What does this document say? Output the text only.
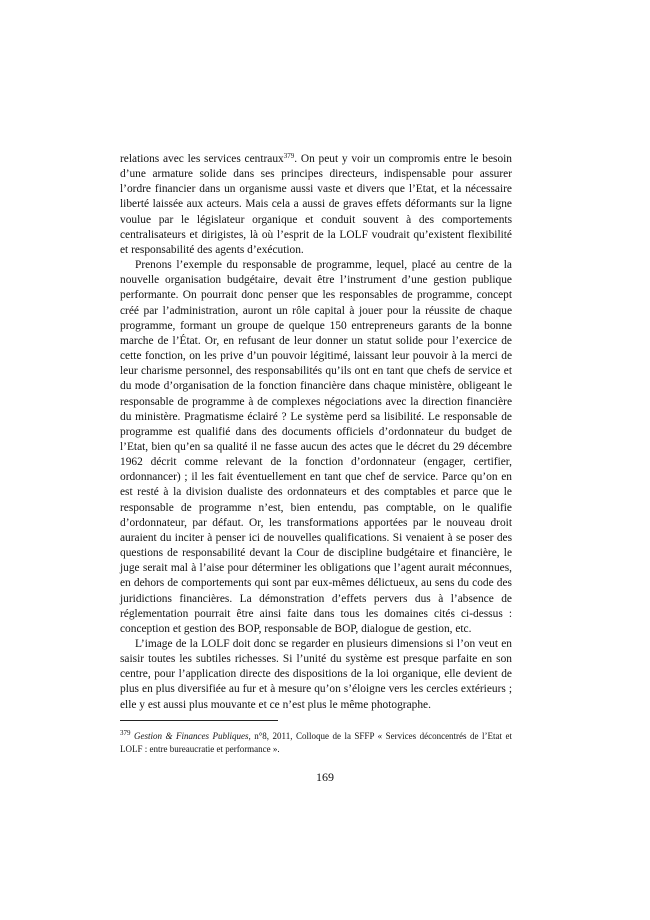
relations avec les services centraux$^{379}$. On peut y voir un compromis entre le besoin d’une armature solide dans ses principes directeurs, indispensable pour assurer l’ordre financier dans un organisme aussi vaste et divers que l’Etat, et la nécessaire liberté laissée aux acteurs. Mais cela a aussi de graves effets déformants sur la ligne voulue par le législateur organique et conduit souvent à des comportements centralisateurs et dirigistes, là où l’esprit de la LOLF voudrait qu’existent flexibilité et responsabilité des agents d’exécution.

Prenons l’exemple du responsable de programme, lequel, placé au centre de la nouvelle organisation budgétaire, devait être l’instrument d’une gestion publique performante. On pourrait donc penser que les responsables de programme, concept créé par l’administration, auront un rôle capital à jouer pour la réussite de chaque programme, formant un groupe de quelque 150 entrepreneurs garants de la bonne marche de l’État. Or, en refusant de leur donner un statut solide pour l’exercice de cette fonction, on les prive d’un pouvoir légitimé, laissant leur pouvoir à la merci de leur charisme personnel, des responsabilités qu’ils ont en tant que chefs de service et du mode d’organisation de la fonction financière dans chaque ministère, obligeant le responsable de programme à de complexes négociations avec la direction financière du ministère. Pragmatisme éclairé ? Le système perd sa lisibilité. Le responsable de programme est qualifié dans des documents officiels d’ordonnateur du budget de l’Etat, bien qu’en sa qualité il ne fasse aucun des actes que le décret du 29 décembre 1962 décrit comme relevant de la fonction d’ordonnateur (engager, certifier, ordonnancer) ; il les fait éventuellement en tant que chef de service. Parce qu’on en est resté à la division dualiste des ordonnateurs et des comptables et parce que le responsable de programme n’est, bien entendu, pas comptable, on le qualifie d’ordonnateur, par défaut. Or, les transformations apportées par le nouveau droit auraient du inciter à penser ici de nouvelles qualifications. Si venaient à se poser des questions de responsabilité devant la Cour de discipline budgétaire et financière, le juge serait mal à l’aise pour déterminer les obligations que l’agent aurait méconnues, en dehors de comportements qui sont par eux-mêmes délictueux, au sens du code des juridictions financières. La démonstration d’effets pervers dus à l’absence de réglementation pourrait être ainsi faite dans tous les domaines cités ci-dessus : conception et gestion des BOP, responsable de BOP, dialogue de gestion, etc.

L’image de la LOLF doit donc se regarder en plusieurs dimensions si l’on veut en saisir toutes les subtiles richesses. Si l’unité du système est presque parfaite en son centre, pour l’application directe des dispositions de la loi organique, elle devient de plus en plus diversifiée au fur et à mesure qu’on s’éloigne vers les cercles extérieurs ; elle y est aussi plus mouvante et ce n’est plus le même photographe.

$^{379}$ Gestion & Finances Publiques, n°8, 2011, Colloque de la SFFP « Services déconcentrés de l’Etat et LOLF : entre bureaucratie et performance ».
169
